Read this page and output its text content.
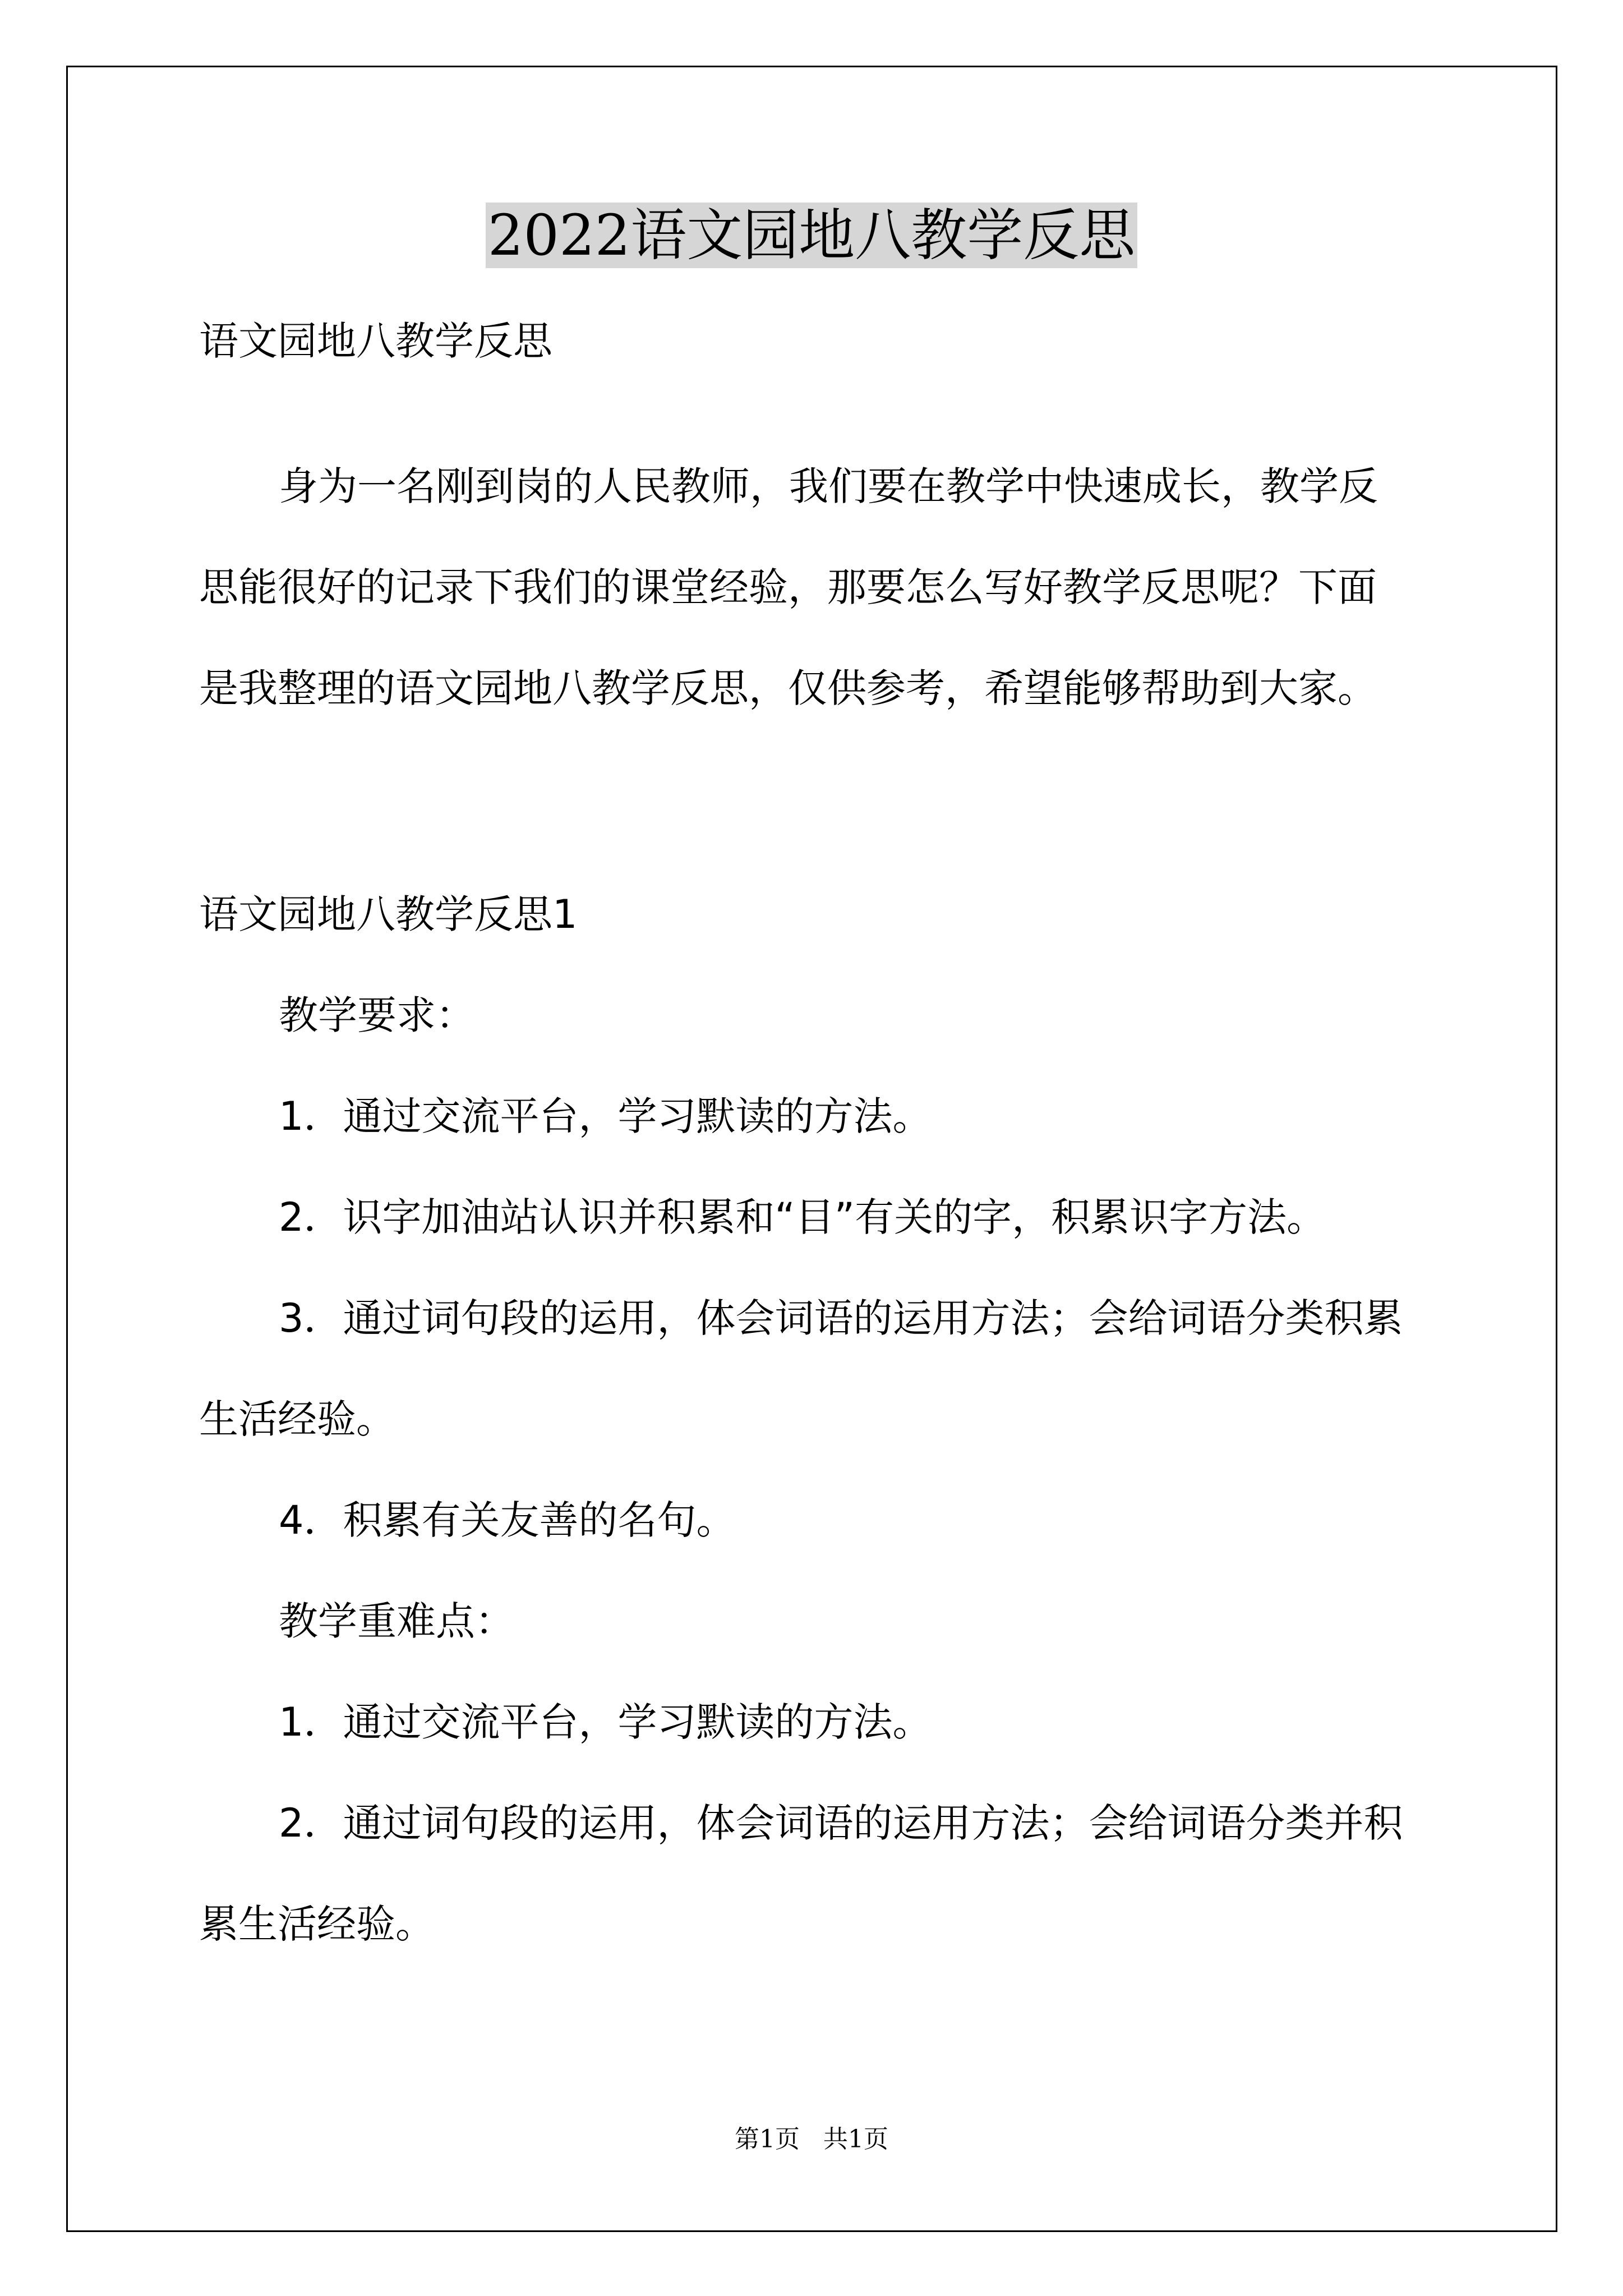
2022语文园地八教学反思
语文园地八教学反思
身为一名刚到岗的人民教师，我们要在教学中快速成长，教学反
思能很好的记录下我们的课堂经验，那要怎么写好教学反思呢？下面
是我整理的语文园地八教学反思，仅供参考，希望能够帮助到大家。
语文园地八教学反思1
教学要求：
1．通过交流平台，学习默读的方法。
2．识字加油站认识并积累和“目”有关的字，积累识字方法。
3．通过词句段的运用，体会词语的运用方法；会给词语分类积累
生活经验。
4．积累有关友善的名句。
教学重难点：
1．通过交流平台，学习默读的方法。
2．通过词句段的运用，体会词语的运用方法；会给词语分类并积
累生活经验。
第1页   共1页
